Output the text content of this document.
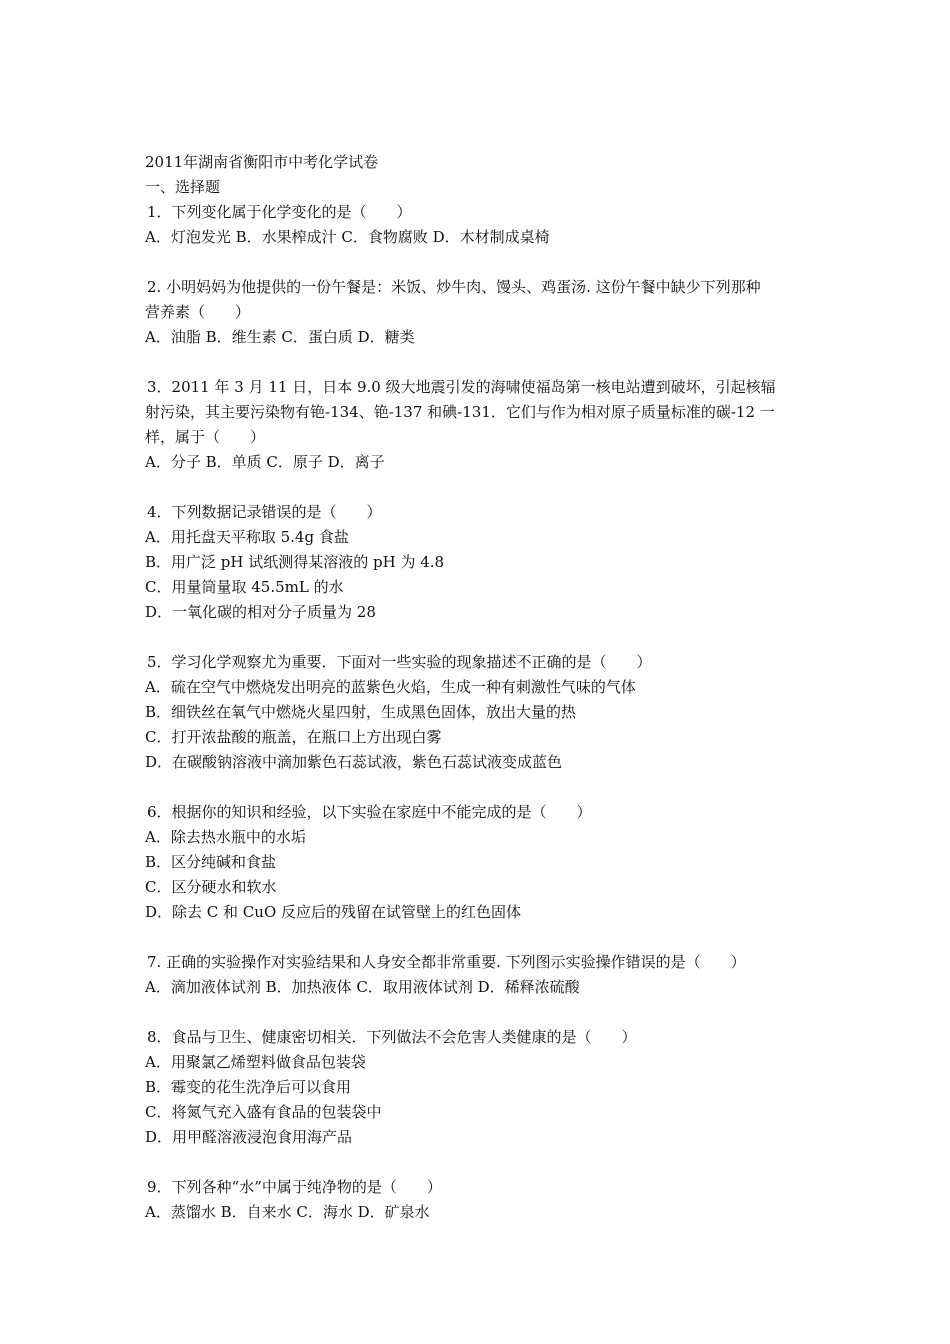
2011年湖南省衡阳市中考化学试卷
一、选择题
1．下列变化属于化学变化的是（　　）
A．灯泡发光 B．水果榨成汁 C．食物腐败 D．木材制成桌椅
2. 小明妈妈为他提供的一份午餐是：米饭、炒牛肉、馒头、鸡蛋汤. 这份午餐中缺少下列那种
营养素（　　）
A．油脂 B．维生素 C．蛋白质 D．糖类
3．2011 年 3 月 11 日，日本 9.0 级大地震引发的海啸使福岛第一核电站遭到破坏，引起核辐
射污染，其主要污染物有铯-134、铯-137 和碘-131．它们与作为相对原子质量标准的碳-12 一
样，属于（　　）
A．分子 B．单质 C．原子 D．离子
4．下列数据记录错误的是（　　）
A．用托盘天平称取 5.4g 食盐
B．用广泛 pH 试纸测得某溶液的 pH 为 4.8
C．用量筒量取 45.5mL 的水
D．一氧化碳的相对分子质量为 28
5．学习化学观察尤为重要．下面对一些实验的现象描述不正确的是（　　）
A．硫在空气中燃烧发出明亮的蓝紫色火焰，生成一种有刺激性气味的气体
B．细铁丝在氧气中燃烧火星四射，生成黑色固体，放出大量的热
C．打开浓盐酸的瓶盖，在瓶口上方出现白雾
D．在碳酸钠溶液中滴加紫色石蕊试液，紫色石蕊试液变成蓝色
6．根据你的知识和经验，以下实验在家庭中不能完成的是（　　）
A．除去热水瓶中的水垢
B．区分纯碱和食盐
C．区分硬水和软水
D．除去 C 和 CuO 反应后的残留在试管壁上的红色固体
7. 正确的实验操作对实验结果和人身安全都非常重要. 下列图示实验操作错误的是（　　）
A．滴加液体试剂 B．加热液体 C．取用液体试剂 D．稀释浓硫酸
8．食品与卫生、健康密切相关．下列做法不会危害人类健康的是（　　）
A．用聚氯乙烯塑料做食品包装袋
B．霉变的花生洗净后可以食用
C．将氮气充入盛有食品的包装袋中
D．用甲醛溶液浸泡食用海产品
9．下列各种“水”中属于纯净物的是（　　）
A．蒸馏水 B．自来水 C．海水 D．矿泉水
